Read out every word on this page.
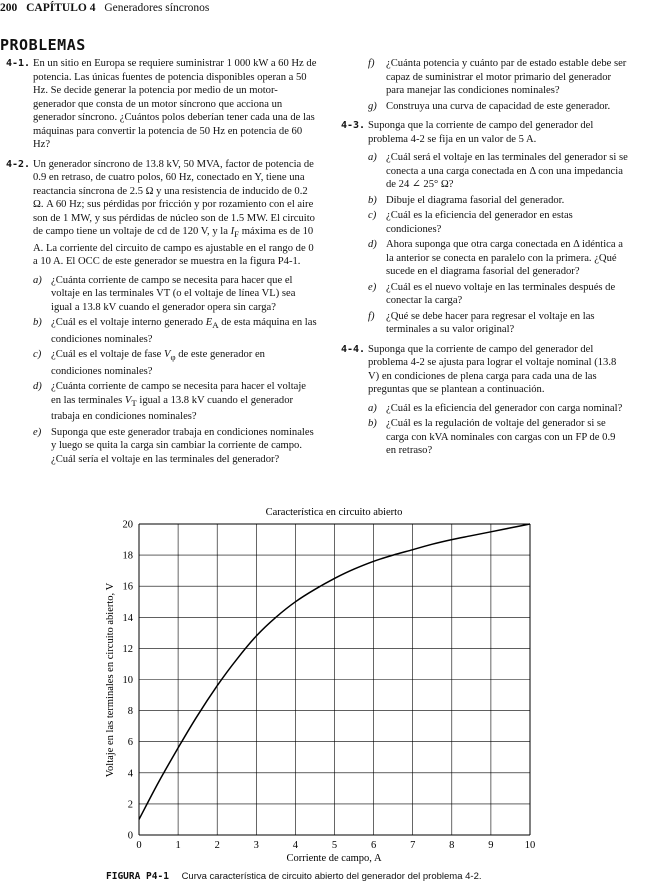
200 CAPÍTULO 4 Generadores síncronos
PROBLEMAS
4-1. En un sitio en Europa se requiere suministrar 1 000 kW a 60 Hz de potencia. Las únicas fuentes de potencia disponibles operan a 50 Hz. Se decide generar la potencia por medio de un motor-generador que consta de un motor síncrono que acciona un generador síncrono. ¿Cuántos polos deberían tener cada una de las máquinas para convertir la potencia de 50 Hz en potencia de 60 Hz?
4-2. Un generador síncrono de 13.8 kV, 50 MVA, factor de potencia de 0.9 en retraso, de cuatro polos, 60 Hz, conectado en Y, tiene una reactancia síncrona de 2.5 Ω y una resistencia de inducido de 0.2 Ω. A 60 Hz; sus pérdidas por fricción y por rozamiento con el aire son de 1 MW, y sus pérdidas de núcleo son de 1.5 MW. El circuito de campo tiene un voltaje de cd de 120 V, y la $I_F$ máxima es de 10 A. La corriente del circuito de campo es ajustable en el rango de 0 a 10 A. El OCC de este generador se muestra en la figura P4-1.
a) ¿Cuánta corriente de campo se necesita para hacer que el voltaje en las terminales VT (o el voltaje de línea VL) sea igual a 13.8 kV cuando el generador opera sin carga?
b) ¿Cuál es el voltaje interno generado $E_A$ de esta máquina en las condiciones nominales?
c) ¿Cuál es el voltaje de fase $V_\varphi$ de este generador en condiciones nominales?
d) ¿Cuánta corriente de campo se necesita para hacer el voltaje en las terminales $V_T$ igual a 13.8 kV cuando el generador trabaja en condiciones nominales?
e) Suponga que este generador trabaja en condiciones nominales y luego se quita la carga sin cambiar la corriente de campo. ¿Cuál sería el voltaje en las terminales del generador?
f) ¿Cuánta potencia y cuánto par de estado estable debe ser capaz de suministrar el motor primario del generador para manejar las condiciones nominales?
g) Construya una curva de capacidad de este generador.
4-3. Suponga que la corriente de campo del generador del problema 4-2 se fija en un valor de 5 A.
a) ¿Cuál será el voltaje en las terminales del generador si se conecta a una carga conectada en Δ con una impedancia de 24 ∠ 25° Ω?
b) Dibuje el diagrama fasorial del generador.
c) ¿Cuál es la eficiencia del generador en estas condiciones?
d) Ahora suponga que otra carga conectada en Δ idéntica a la anterior se conecta en paralelo con la primera. ¿Qué sucede en el diagrama fasorial del generador?
e) ¿Cuál es el nuevo voltaje en las terminales después de conectar la carga?
f) ¿Qué se debe hacer para regresar el voltaje en las terminales a su valor original?
4-4. Suponga que la corriente de campo del generador del problema 4-2 se ajusta para lograr el voltaje nominal (13.8 V) en condiciones de plena carga para cada una de las preguntas que se plantean a continuación.
a) ¿Cuál es la eficiencia del generador con carga nominal?
b) ¿Cuál es la regulación de voltaje del generador si se carga con kVA nominales con cargas con un FP de 0.9 en retraso?
Característica en circuito abierto
0	1	2	3	4	5	6	7	8	9	10
0
2
4
6
8
10
12
14
16
18
20
Voltaje en las terminales en circuito abierto, V
Corriente de campo, A
FIGURA P4-1 Curva característica de circuito abierto del generador del problema 4-2.
